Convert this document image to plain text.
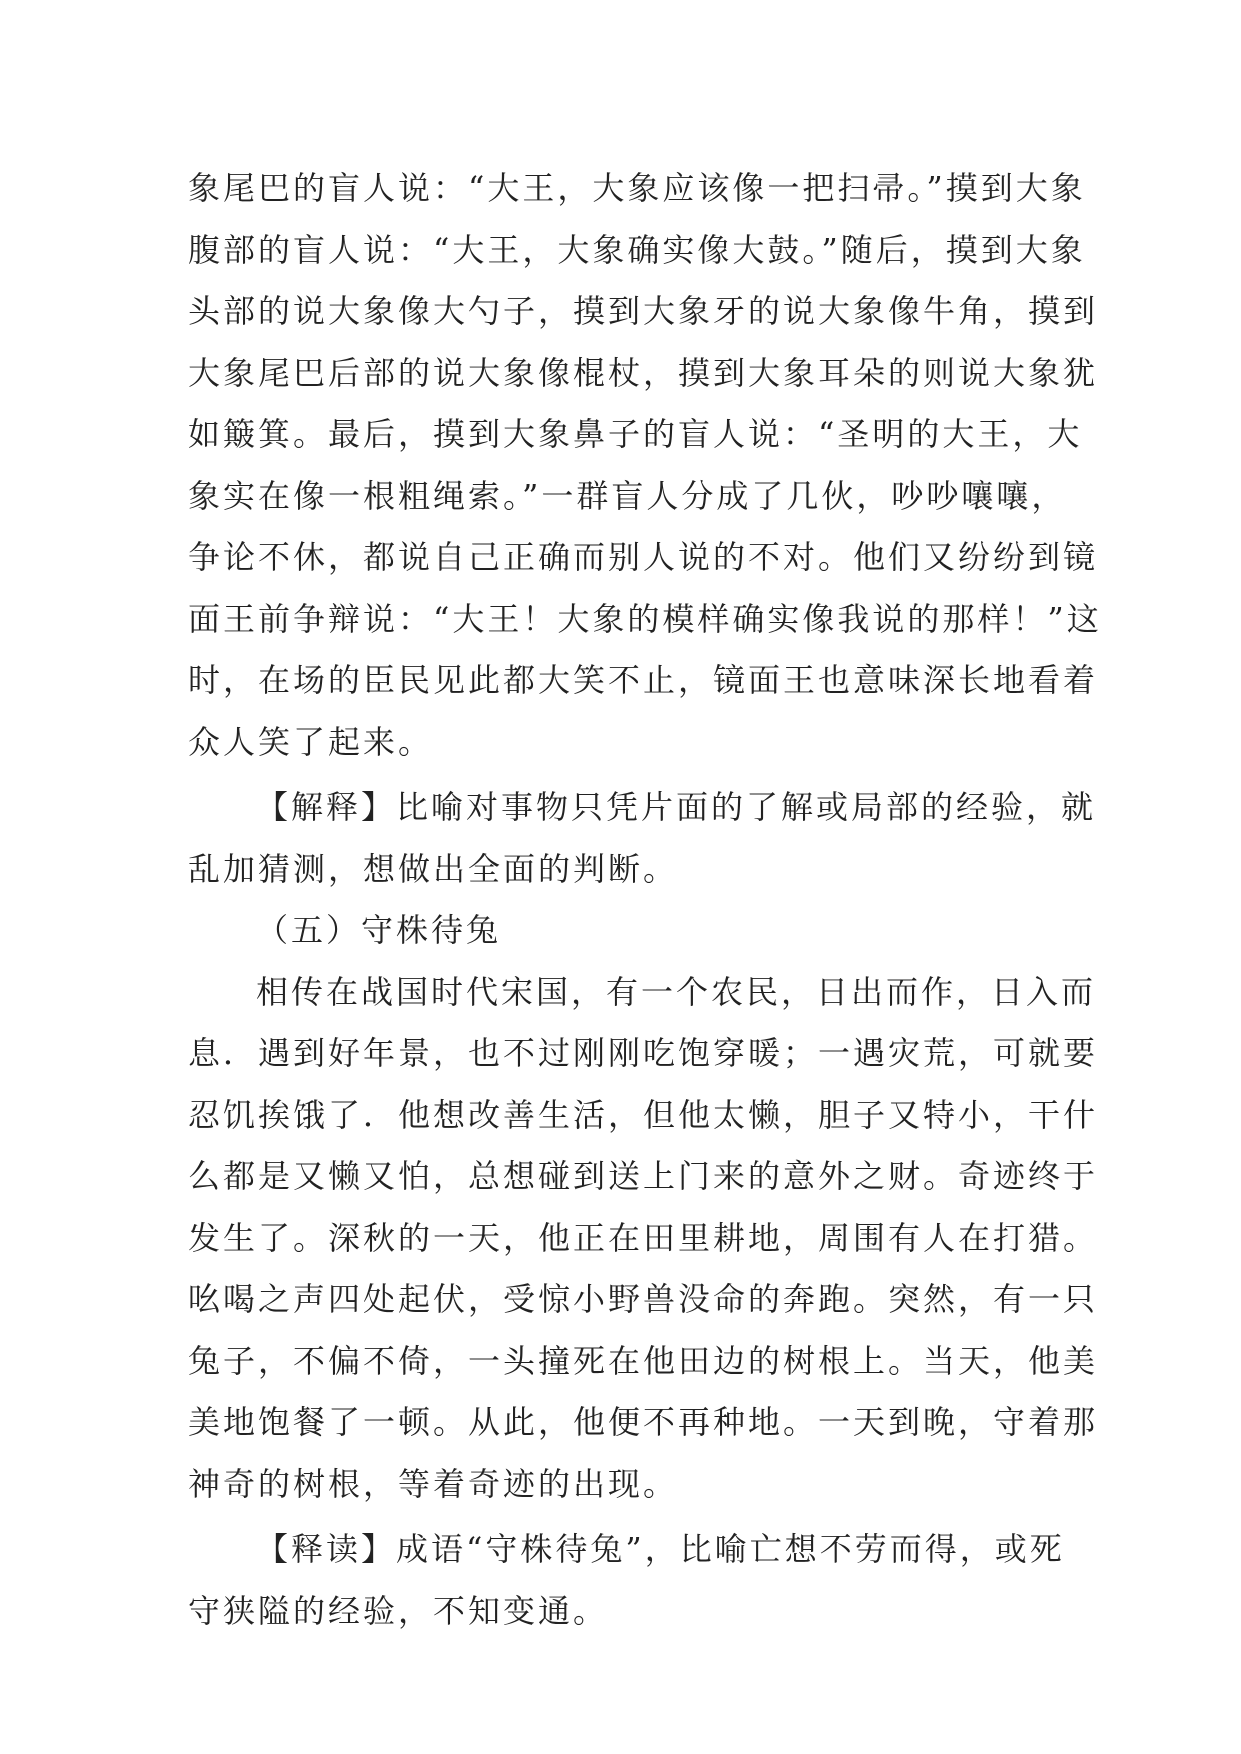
象尾巴的盲人说：“大王，大象应该像一把扫帚。”摸到大象
腹部的盲人说：“大王，大象确实像大鼓。”随后，摸到大象
头部的说大象像大勺子，摸到大象牙的说大象像牛角，摸到
大象尾巴后部的说大象像棍杖，摸到大象耳朵的则说大象犹
如簸箕。最后，摸到大象鼻子的盲人说：“圣明的大王，大
象实在像一根粗绳索。”一群盲人分成了几伙，吵吵嚷嚷，
争论不休，都说自己正确而别人说的不对。他们又纷纷到镜
面王前争辩说：“大王！大象的模样确实像我说的那样！”这
时，在场的臣民见此都大笑不止，镜面王也意味深长地看着
众人笑了起来。
【解释】比喻对事物只凭片面的了解或局部的经验，就
乱加猜测，想做出全面的判断。
（五）守株待兔
相传在战国时代宋国，有一个农民，日出而作，日入而
息．遇到好年景，也不过刚刚吃饱穿暖；一遇灾荒，可就要
忍饥挨饿了．他想改善生活，但他太懒，胆子又特小，干什
么都是又懒又怕，总想碰到送上门来的意外之财。奇迹终于
发生了。深秋的一天，他正在田里耕地，周围有人在打猎。
吆喝之声四处起伏，受惊小野兽没命的奔跑。突然，有一只
兔子，不偏不倚，一头撞死在他田边的树根上。当天，他美
美地饱餐了一顿。从此，他便不再种地。一天到晚，守着那
神奇的树根，等着奇迹的出现。
【释读】成语“守株待兔”，比喻亡想不劳而得，或死
守狭隘的经验，不知变通。
